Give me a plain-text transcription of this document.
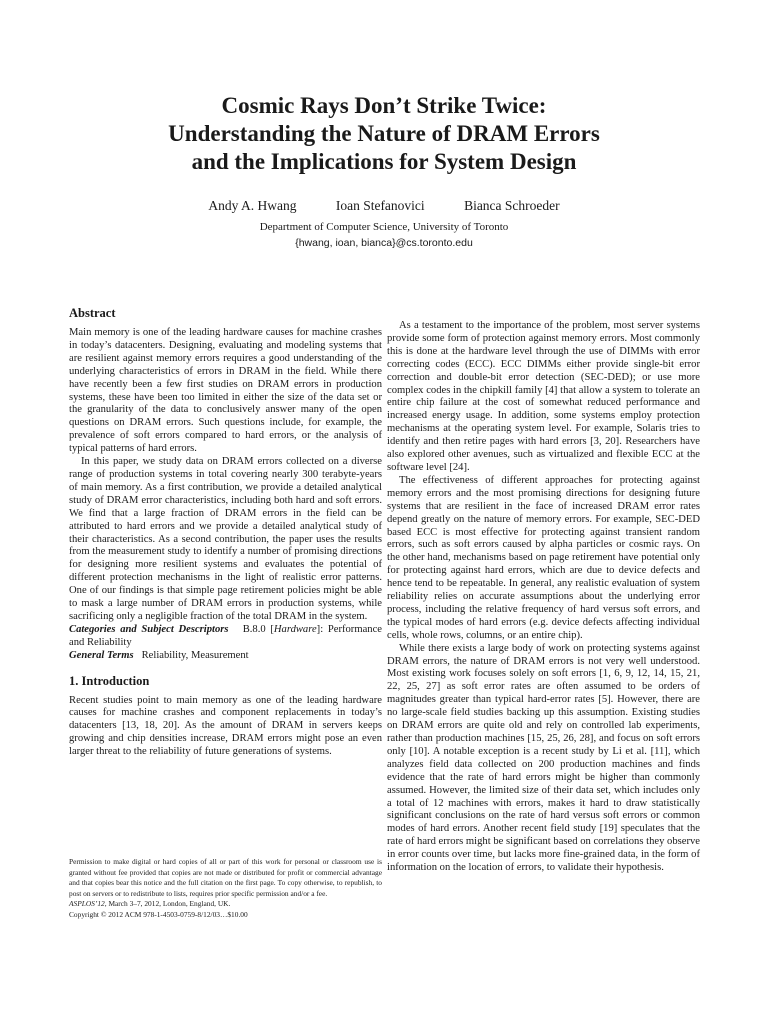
Cosmic Rays Don’t Strike Twice:
Understanding the Nature of DRAM Errors
and the Implications for System Design
Andy A. Hwang	Ioan Stefanovici	Bianca Schroeder
Department of Computer Science, University of Toronto
{hwang, ioan, bianca}@cs.toronto.edu
Abstract

Main memory is one of the leading hardware causes for machine crashes in today’s datacenters. Designing, evaluating and modeling systems that are resilient against memory errors requires a good understanding of the underlying characteristics of errors in DRAM in the field. While there have recently been a few first studies on DRAM errors in production systems, these have been too limited in either the size of the data set or the granularity of the data to conclusively answer many of the open questions on DRAM errors. Such questions include, for example, the prevalence of soft errors compared to hard errors, or the analysis of typical patterns of hard errors.

In this paper, we study data on DRAM errors collected on a diverse range of production systems in total covering nearly 300 terabyte-years of main memory. As a first contribution, we provide a detailed analytical study of DRAM error characteristics, including both hard and soft errors. We find that a large fraction of DRAM errors in the field can be attributed to hard errors and we provide a detailed analytical study of their characteristics. As a second contribution, the paper uses the results from the measurement study to identify a number of promising directions for designing more resilient systems and evaluates the potential of different protection mechanisms in the light of realistic error patterns. One of our findings is that simple page retirement policies might be able to mask a large number of DRAM errors in production systems, while sacrificing only a negligible fraction of the total DRAM in the system.

Categories and Subject Descriptors B.8.0 [Hardware]: Performance and Reliability

General Terms Reliability, Measurement

1. Introduction

Recent studies point to main memory as one of the leading hardware causes for machine crashes and component replacements in today’s datacenters [13, 18, 20]. As the amount of DRAM in servers keeps growing and chip densities increase, DRAM errors might pose an even larger threat to the reliability of future generations of systems.

Permission to make digital or hard copies of all or part of this work for personal or classroom use is granted without fee provided that copies are not made or distributed for profit or commercial advantage and that copies bear this notice and the full citation on the first page. To copy otherwise, to republish, to post on servers or to redistribute to lists, requires prior specific permission and/or a fee.

ASPLOS’12, March 3–7, 2012, London, England, UK.

Copyright © 2012 ACM 978-1-4503-0759-8/12/03…$10.00

As a testament to the importance of the problem, most server systems provide some form of protection against memory errors. Most commonly this is done at the hardware level through the use of DIMMs with error correcting codes (ECC). ECC DIMMs either provide single-bit error correction and double-bit error detection (SEC-DED); or use more complex codes in the chipkill family [4] that allow a system to tolerate an entire chip failure at the cost of somewhat reduced performance and increased energy usage. In addition, some systems employ protection mechanisms at the operating system level. For example, Solaris tries to identify and then retire pages with hard errors [3, 20]. Researchers have also explored other avenues, such as virtualized and flexible ECC at the software level [24].

The effectiveness of different approaches for protecting against memory errors and the most promising directions for designing future systems that are resilient in the face of increased DRAM error rates depend greatly on the nature of memory errors. For example, SEC-DED based ECC is most effective for protecting against transient random errors, such as soft errors caused by alpha particles or cosmic rays. On the other hand, mechanisms based on page retirement have potential only for protecting against hard errors, which are due to device defects and hence tend to be repeatable. In general, any realistic evaluation of system reliability relies on accurate assumptions about the underlying error process, including the relative frequency of hard versus soft errors, and the typical modes of hard errors (e.g. device defects affecting individual cells, whole rows, columns, or an entire chip).

While there exists a large body of work on protecting systems against DRAM errors, the nature of DRAM errors is not very well understood. Most existing work focuses solely on soft errors [1, 6, 9, 12, 14, 15, 21, 22, 25, 27] as soft error rates are often assumed to be orders of magnitudes greater than typical hard-error rates [5]. However, there are no large-scale field studies backing up this assumption. Existing studies on DRAM errors are quite old and rely on controlled lab experiments, rather than production machines [15, 25, 26, 28], and focus on soft errors only [10]. A notable exception is a recent study by Li et al. [11], which analyzes field data collected on 200 production machines and finds evidence that the rate of hard errors might be higher than commonly assumed. However, the limited size of their data set, which includes only a total of 12 machines with errors, makes it hard to draw statistically significant conclusions on the rate of hard versus soft errors or common modes of hard errors. Another recent field study [19] speculates that the rate of hard errors might be significant based on correlations they observe in error counts over time, but lacks more fine-grained data, in the form of information on the location of errors, to validate their hypothesis.
